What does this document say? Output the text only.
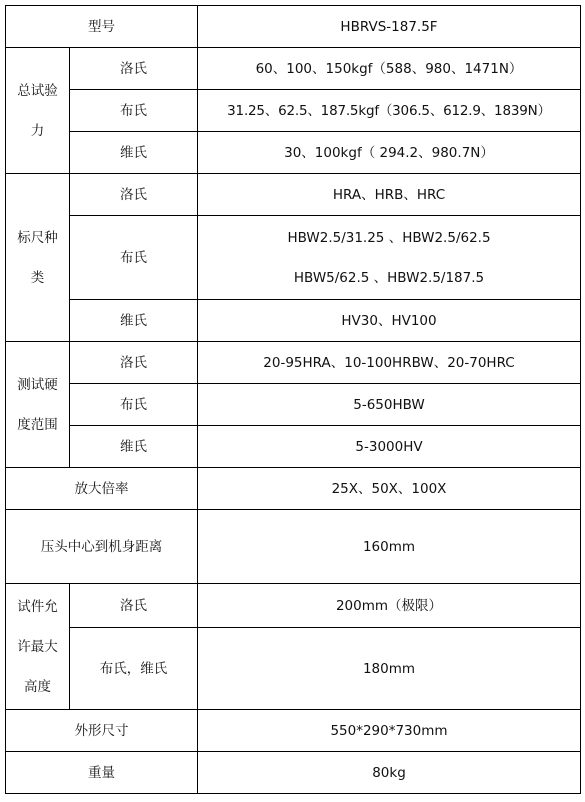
型号		HBRVS-187.5F

总试验
力	洛氏	60、100、150kgf（588、980、1471N）
	布氏	31.25、62.5、187.5kgf（306.5、612.9、1839N）
	维氏	30、100kgf（ 294.2、980.7N）

标尺种
类	洛氏	HRA、HRB、HRC
	布氏	HBW2.5/31.25 、HBW2.5/62.5
HBW5/62.5 、HBW2.5/187.5

	维氏	HV30、HV100

测试硬
度范围	洛氏	20-95HRA、10-100HRBW、20-70HRC
	布氏	5-650HBW
	维氏	5-3000HV
放大倍率		25X、50X、100X
压头中心到机身距离		160mm

试件允
许最大
高度	洛氏	200mm（极限）
	布氏，维氏	180mm
外形尺寸		550*290*730mm
重量		80kg
